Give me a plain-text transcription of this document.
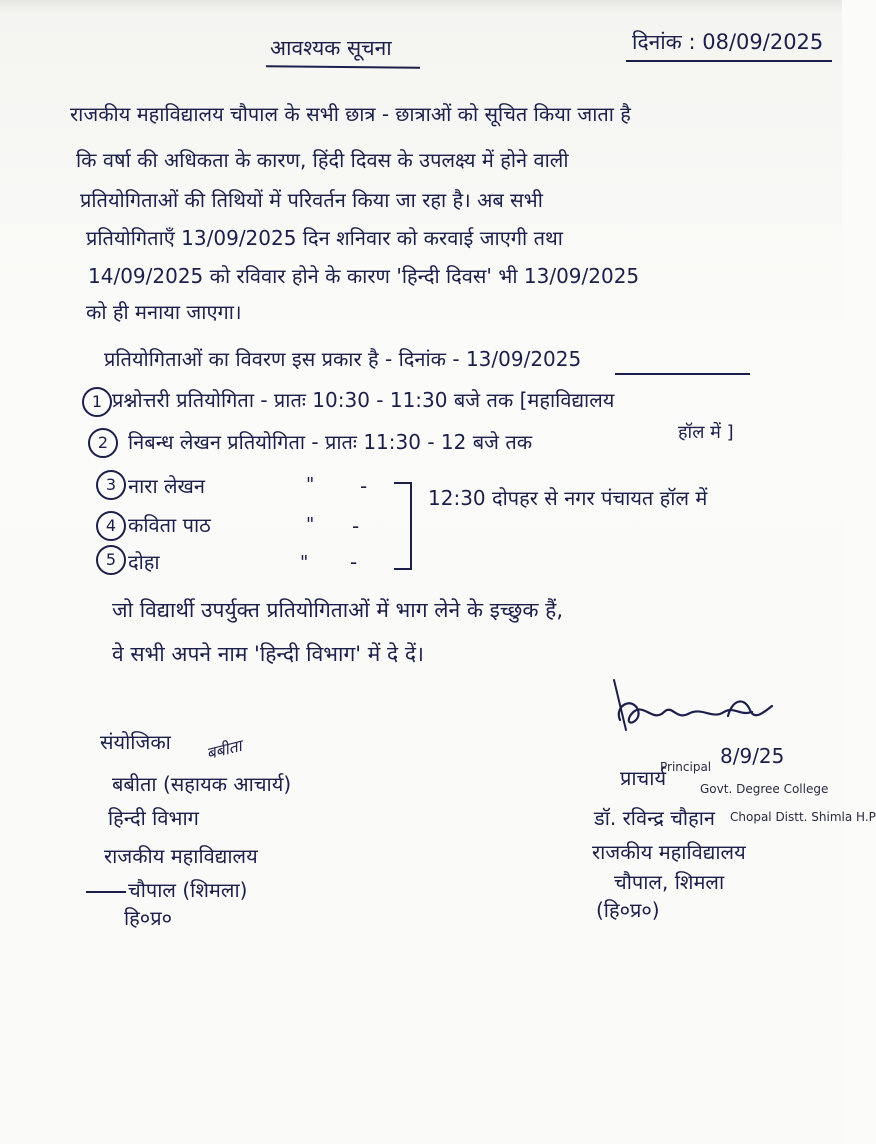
आवश्यक सूचना	दिनांक : 08/09/2025
राजकीय महाविद्यालय चौपाल के सभी छात्र - छात्राओं को सूचित किया जाता है
कि वर्षा की अधिकता के कारण, हिंदी दिवस के उपलक्ष्य में होने वाली
प्रतियोगिताओं की तिथियों में परिवर्तन किया जा रहा है। अब सभी
प्रतियोगिताएँ 13/09/2025 दिन शनिवार को करवाई जाएगी तथा
14/09/2025 को रविवार होने के कारण 'हिन्दी दिवस' भी 13/09/2025
को ही मनाया जाएगा।
प्रतियोगिताओं का विवरण इस प्रकार है - दिनांक - 13/09/2025
1 प्रश्नोत्तरी प्रतियोगिता - प्रातः 10:30 - 11:30 बजे तक [महाविद्यालय
हॉल में ]
2 निबन्ध लेखन प्रतियोगिता - प्रातः 11:30 - 12 बजे तक
3 नारा लेखन	" -
4 कविता पाठ	" -
5 दोहा	" -
12:30 दोपहर से नगर पंचायत हॉल में
जो विद्यार्थी उपर्युक्त प्रतियोगिताओं में भाग लेने के इच्छुक हैं,
वे सभी अपने नाम 'हिन्दी विभाग' में दे दें।
संयोजिका बबीता
बबीता (सहायक आचार्य)
हिन्दी विभाग
राजकीय महाविद्यालय
चौपाल (शिमला)
हि०प्र०
8/9/25
Principal
Govt. Degree College
Chopal Distt. Shimla H.P
प्राचार्य
डॉ. रविन्द्र चौहान
राजकीय महाविद्यालय
चौपाल, शिमला
(हि०प्र०)
